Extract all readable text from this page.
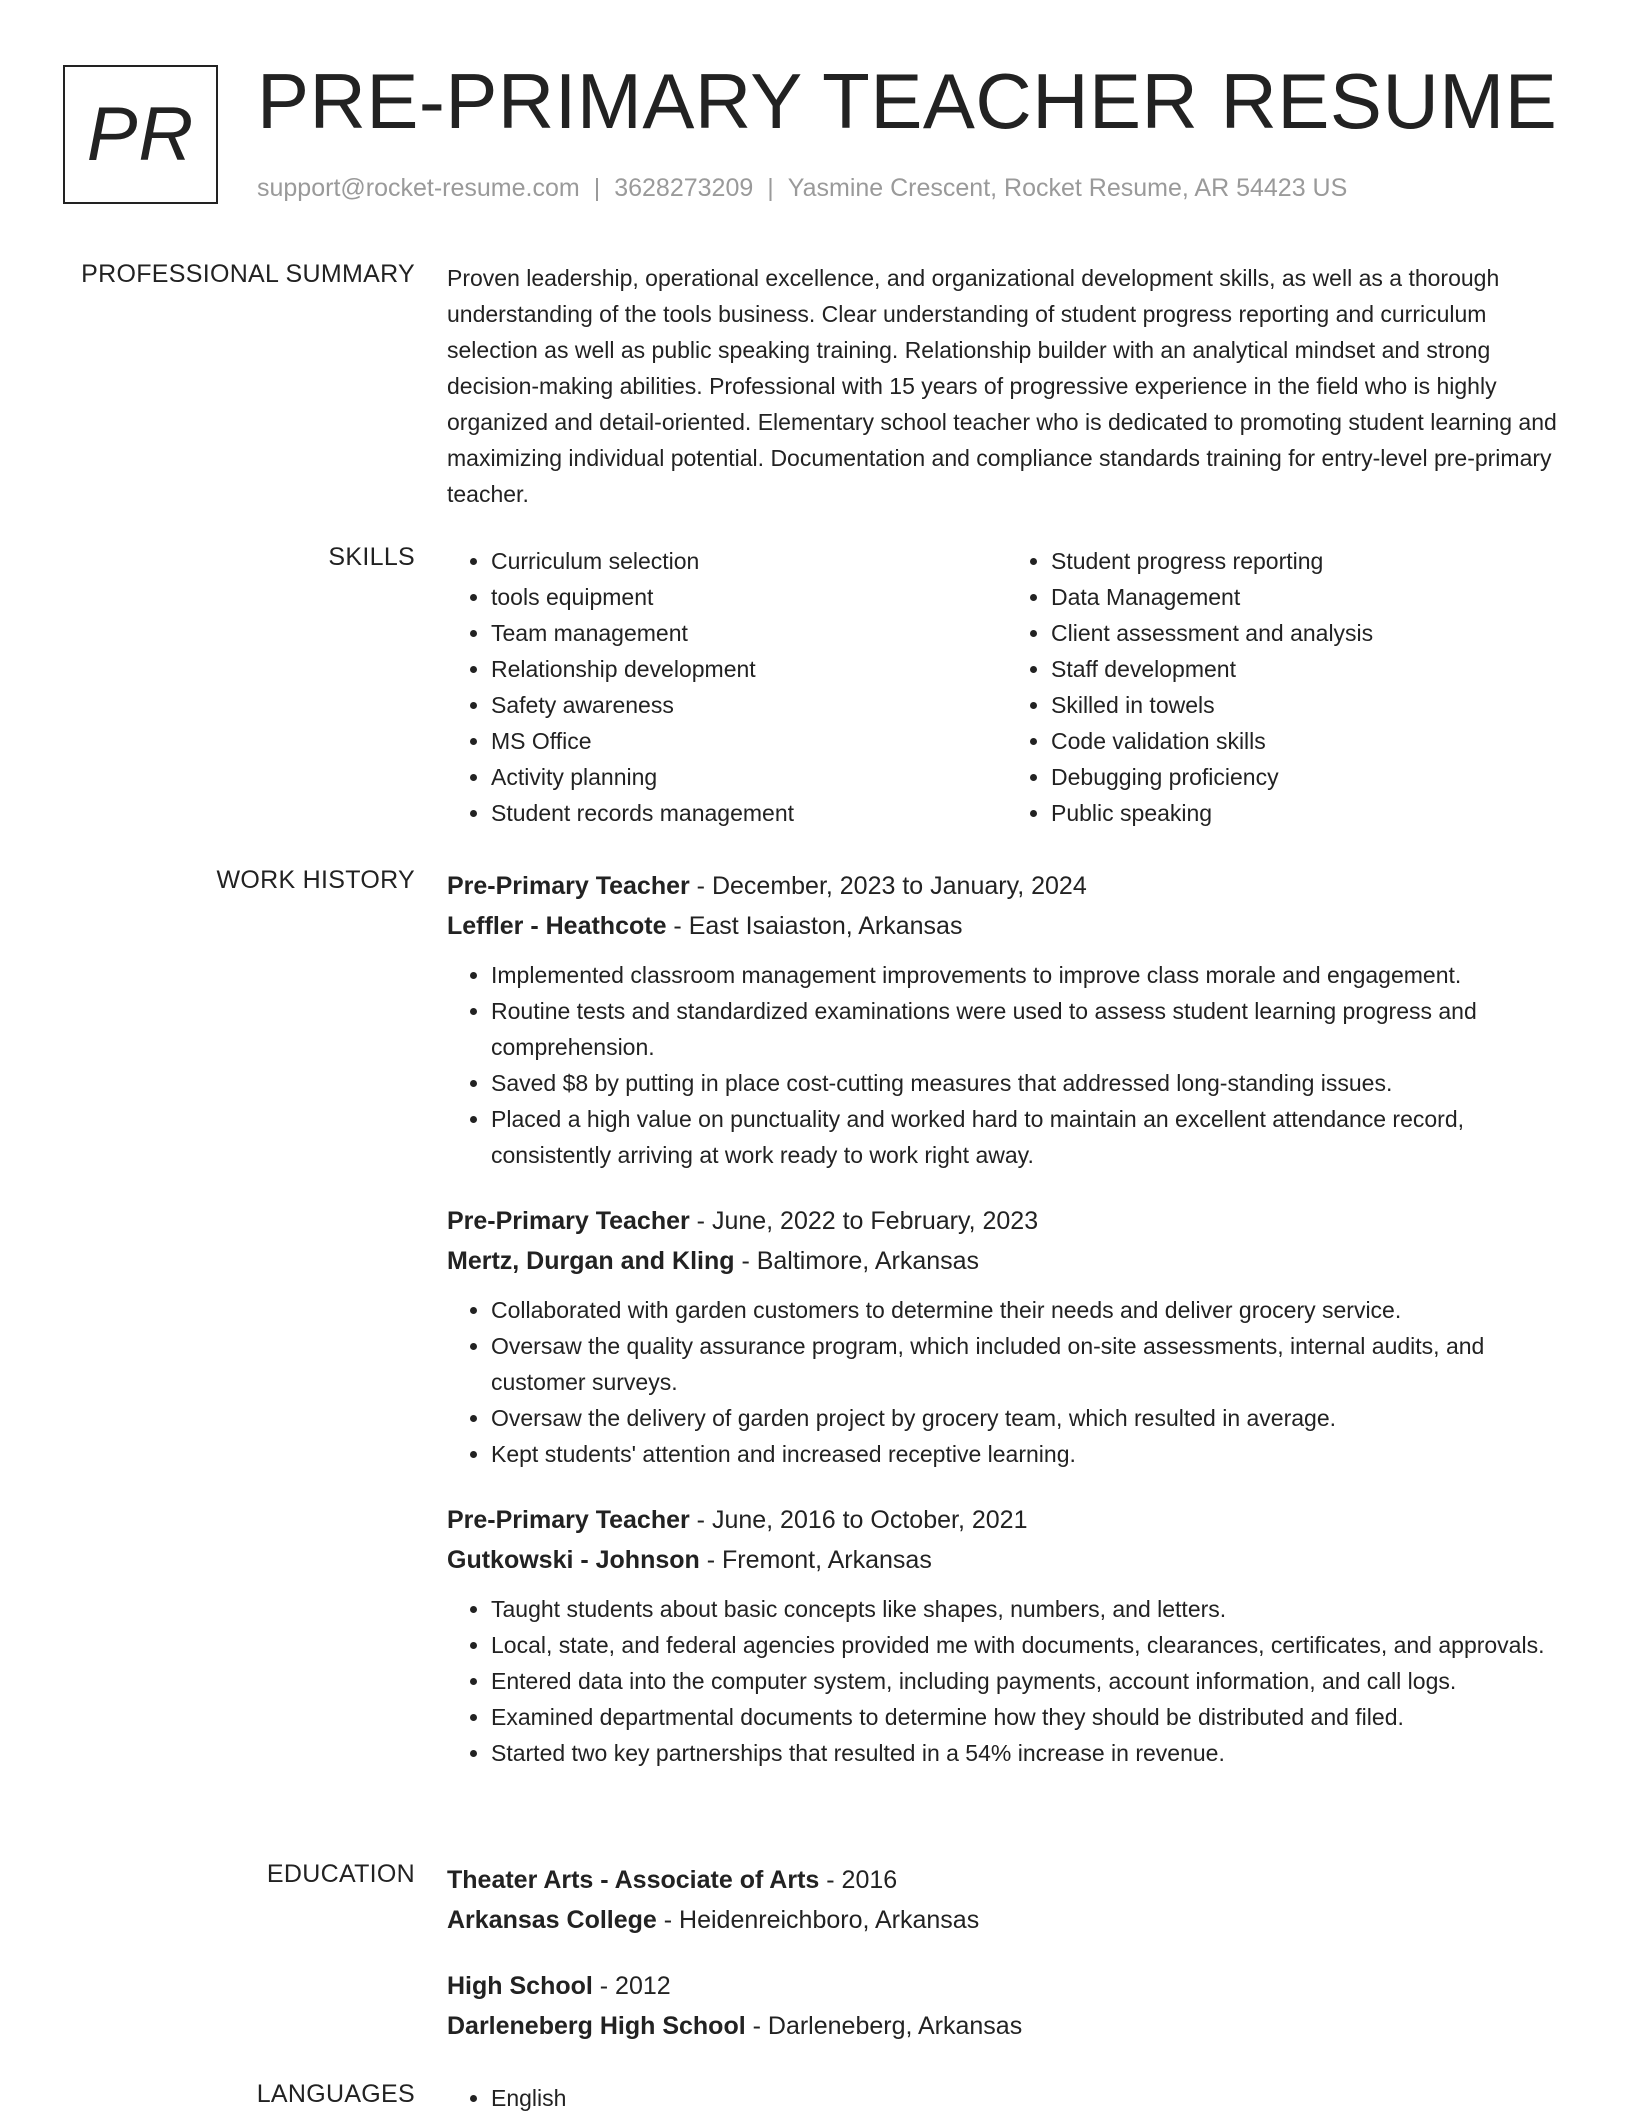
PR PRE-PRIMARY TEACHER RESUME
support@rocket-resume.com | 3628273209 | Yasmine Crescent, Rocket Resume, AR 54423 US
PROFESSIONAL SUMMARY Proven leadership, operational excellence, and organizational development skills, as well as a thorough understanding of the tools business. Clear understanding of student progress reporting and curriculum selection as well as public speaking training. Relationship builder with an analytical mindset and strong decision-making abilities. Professional with 15 years of progressive experience in the field who is highly organized and detail-oriented. Elementary school teacher who is dedicated to promoting student learning and maximizing individual potential. Documentation and compliance standards training for entry-level pre-primary teacher.
SKILLS	• Curriculum selection
• tools equipment
• Team management
• Relationship development
• Safety awareness
• MS Office
• Activity planning
• Student records management
• Student progress reporting
• Data Management
• Client assessment and analysis
• Staff development
• Skilled in towels
• Code validation skills
• Debugging proficiency
• Public speaking
WORK HISTORY Pre-Primary Teacher - December, 2023 to January, 2024
Leffler - Heathcote - East Isaiaston, Arkansas
• Implemented classroom management improvements to improve class morale and engagement.
• Routine tests and standardized examinations were used to assess student learning progress and comprehension.
• Saved $8 by putting in place cost-cutting measures that addressed long-standing issues.
• Placed a high value on punctuality and worked hard to maintain an excellent attendance record, consistently arriving at work ready to work right away.
Pre-Primary Teacher - June, 2022 to February, 2023
Mertz, Durgan and Kling - Baltimore, Arkansas
• Collaborated with garden customers to determine their needs and deliver grocery service.
• Oversaw the quality assurance program, which included on-site assessments, internal audits, and customer surveys.
• Oversaw the delivery of garden project by grocery team, which resulted in average.
• Kept students' attention and increased receptive learning.
Pre-Primary Teacher - June, 2016 to October, 2021
Gutkowski - Johnson - Fremont, Arkansas
• Taught students about basic concepts like shapes, numbers, and letters.
• Local, state, and federal agencies provided me with documents, clearances, certificates, and approvals.
• Entered data into the computer system, including payments, account information, and call logs.
• Examined departmental documents to determine how they should be distributed and filed.
• Started two key partnerships that resulted in a 54% increase in revenue.
EDUCATION Theater Arts - Associate of Arts - 2016
Arkansas College - Heidenreichboro, Arkansas
High School - 2012
Darleneberg High School - Darleneberg, Arkansas
LANGUAGES	• English
